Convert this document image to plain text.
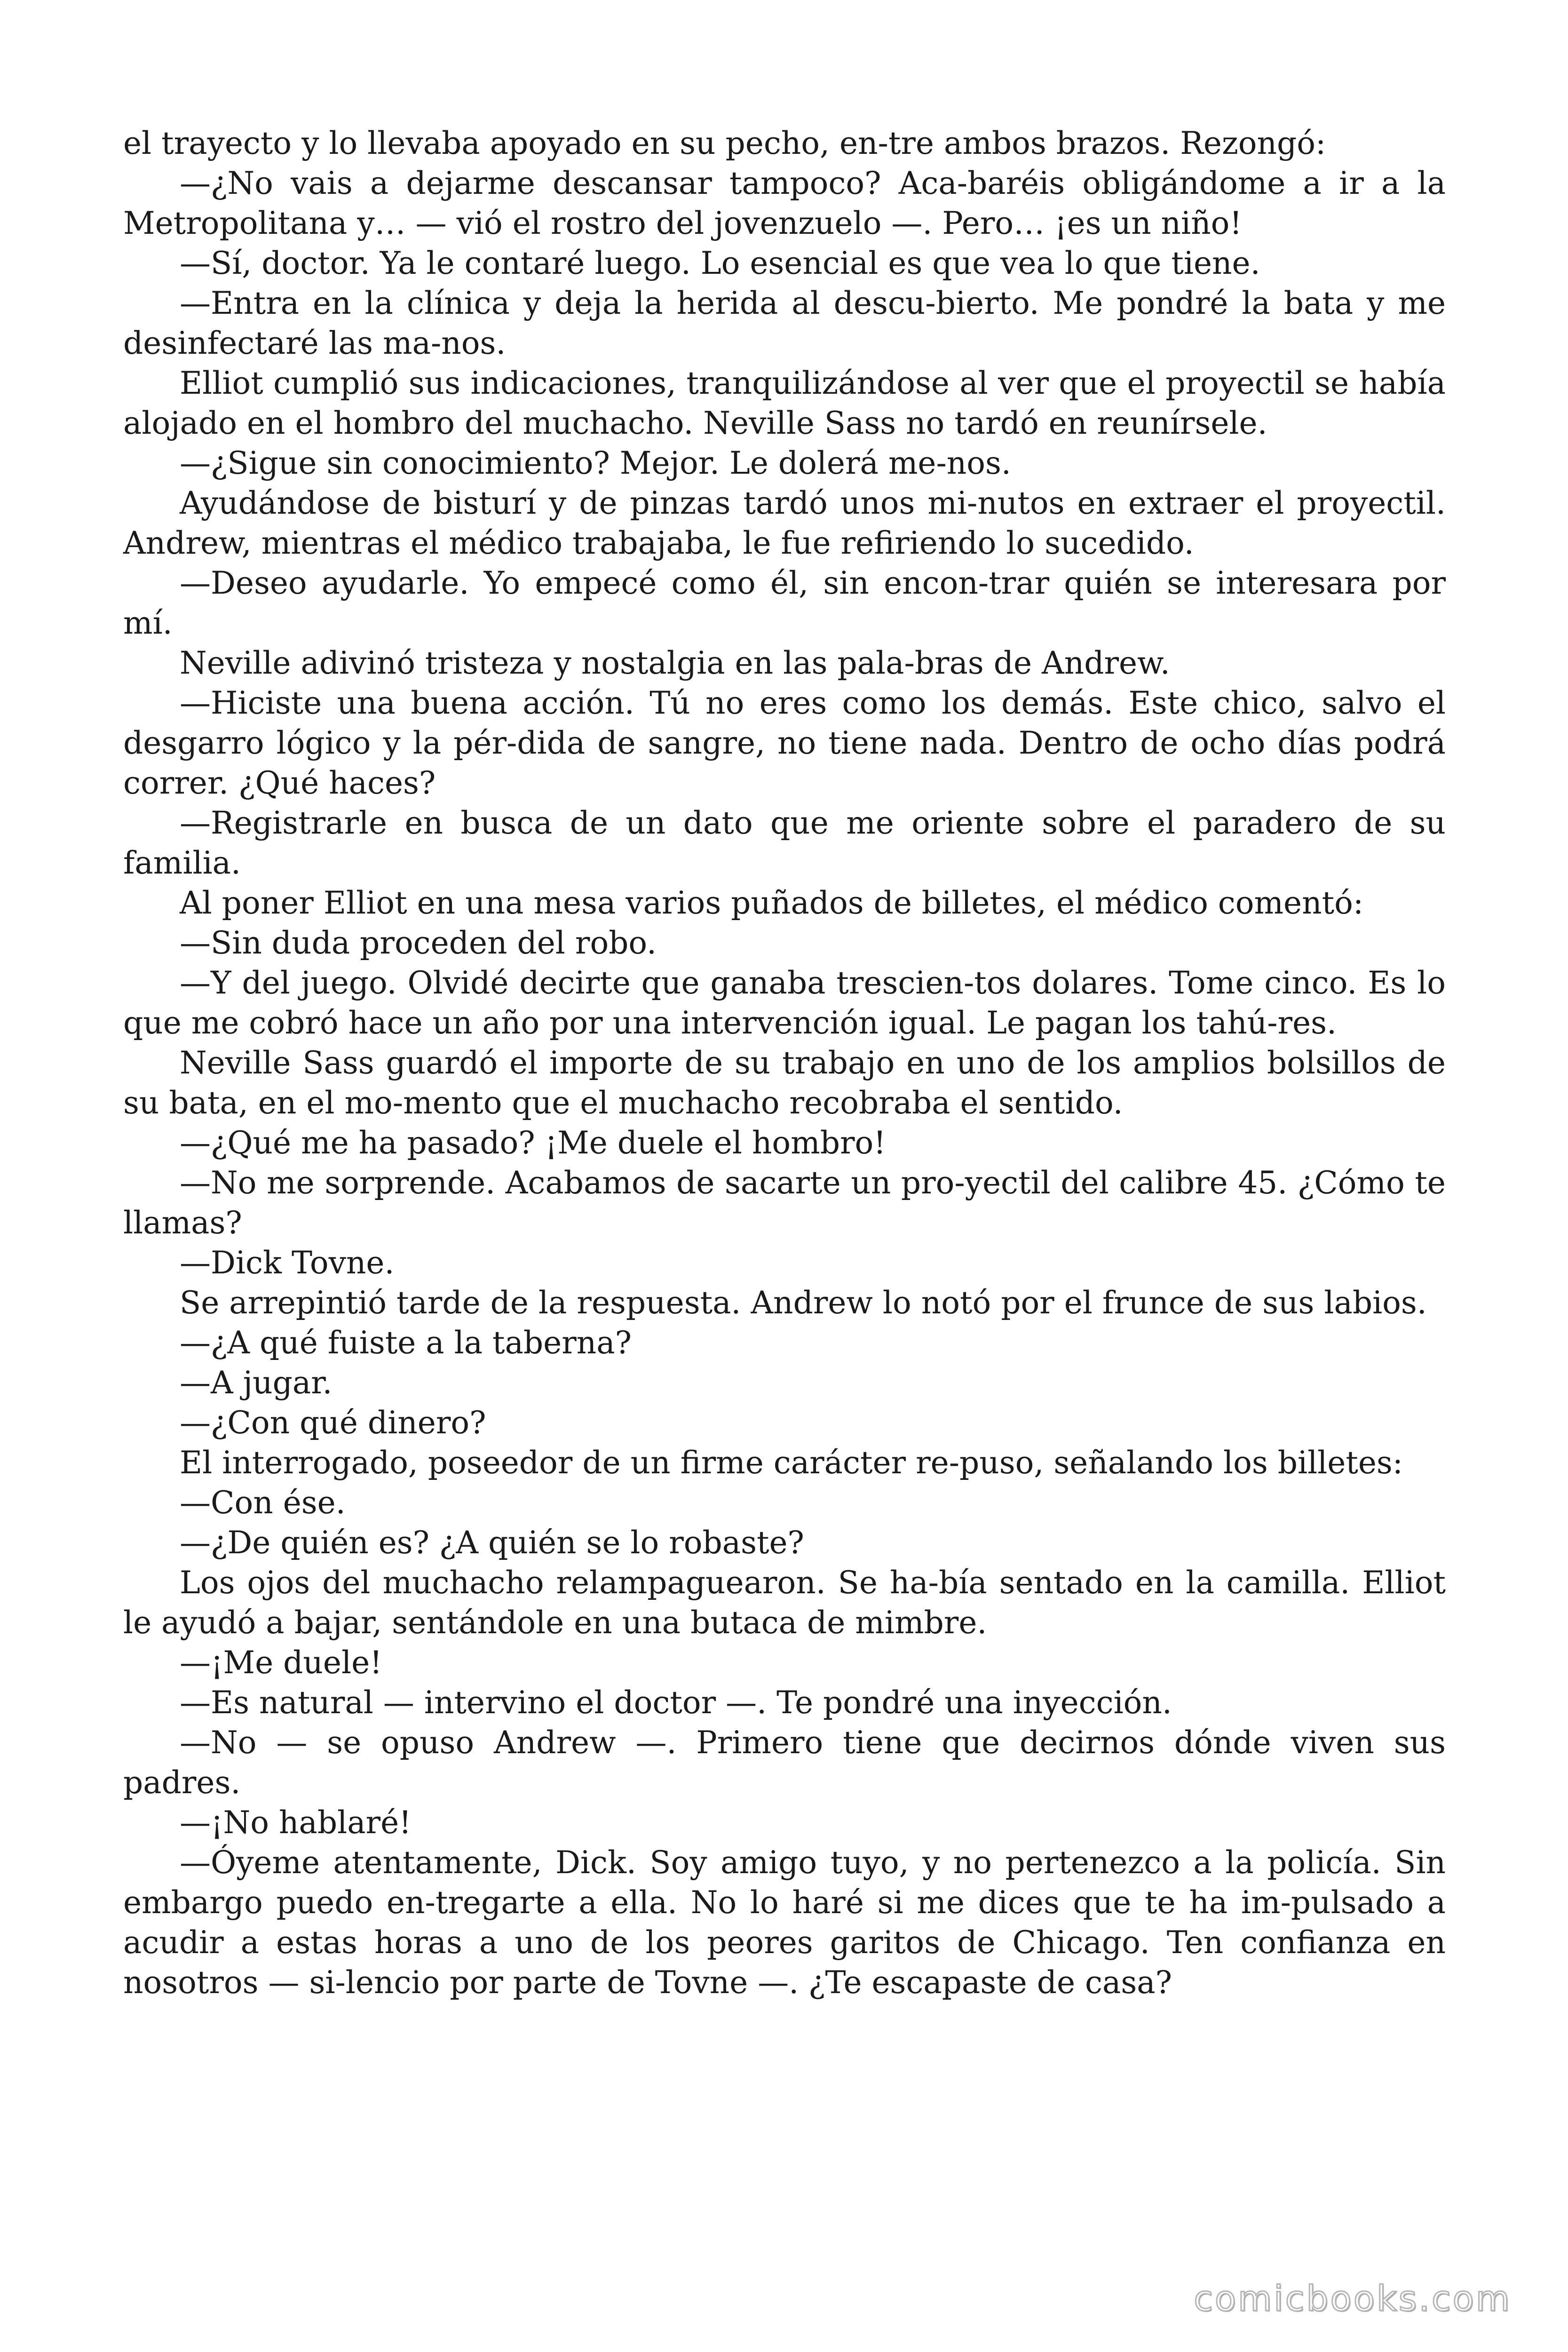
el trayecto y lo llevaba apoyado en su pecho, en-tre ambos brazos. Rezongó:

—¿No vais a dejarme descansar tampoco? Aca-baréis obligándome a ir a la Metropolitana y… — vió el rostro del jovenzuelo —. Pero… ¡es un niño!

—Sí, doctor. Ya le contaré luego. Lo esencial es que vea lo que tiene.

—Entra en la clínica y deja la herida al descu-bierto. Me pondré la bata y me desinfectaré las ma-nos.

Elliot cumplió sus indicaciones, tranquilizándose al ver que el proyectil se había alojado en el hombro del muchacho. Neville Sass no tardó en reunírsele.

—¿Sigue sin conocimiento? Mejor. Le dolerá me-nos.

Ayudándose de bisturí y de pinzas tardó unos mi-nutos en extraer el proyectil. Andrew, mientras el médico trabajaba, le fue refiriendo lo sucedido.

—Deseo ayudarle. Yo empecé como él, sin encon-trar quién se interesara por mí.

Neville adivinó tristeza y nostalgia en las pala-bras de Andrew.

—Hiciste una buena acción. Tú no eres como los demás. Este chico, salvo el desgarro lógico y la pér-dida de sangre, no tiene nada. Dentro de ocho días podrá correr. ¿Qué haces?

—Registrarle en busca de un dato que me oriente sobre el paradero de su familia.

Al poner Elliot en una mesa varios puñados de billetes, el médico comentó:

—Sin duda proceden del robo.

—Y del juego. Olvidé decirte que ganaba trescien-tos dolares. Tome cinco. Es lo que me cobró hace un año por una intervención igual. Le pagan los tahú-res.

Neville Sass guardó el importe de su trabajo en uno de los amplios bolsillos de su bata, en el mo-mento que el muchacho recobraba el sentido.

—¿Qué me ha pasado? ¡Me duele el hombro!

—No me sorprende. Acabamos de sacarte un pro-yectil del calibre 45. ¿Cómo te llamas?

—Dick Tovne.

Se arrepintió tarde de la respuesta. Andrew lo notó por el frunce de sus labios.

—¿A qué fuiste a la taberna?

—A jugar.

—¿Con qué dinero?

El interrogado, poseedor de un firme carácter re-puso, señalando los billetes:

—Con ése.

—¿De quién es? ¿A quién se lo robaste?

Los ojos del muchacho relampaguearon. Se ha-bía sentado en la camilla. Elliot le ayudó a bajar, sentándole en una butaca de mimbre.

—¡Me duele!

—Es natural — intervino el doctor —. Te pondré una inyección.

—No — se opuso Andrew —. Primero tiene que decirnos dónde viven sus padres.

—¡No hablaré!

—Óyeme atentamente, Dick. Soy amigo tuyo, y no pertenezco a la policía. Sin embargo puedo en-tregarte a ella. No lo haré si me dices que te ha im-pulsado a acudir a estas horas a uno de los peores garitos de Chicago. Ten confianza en nosotros — si-lencio por parte de Tovne —. ¿Te escapaste de casa?

comicbooks.com
